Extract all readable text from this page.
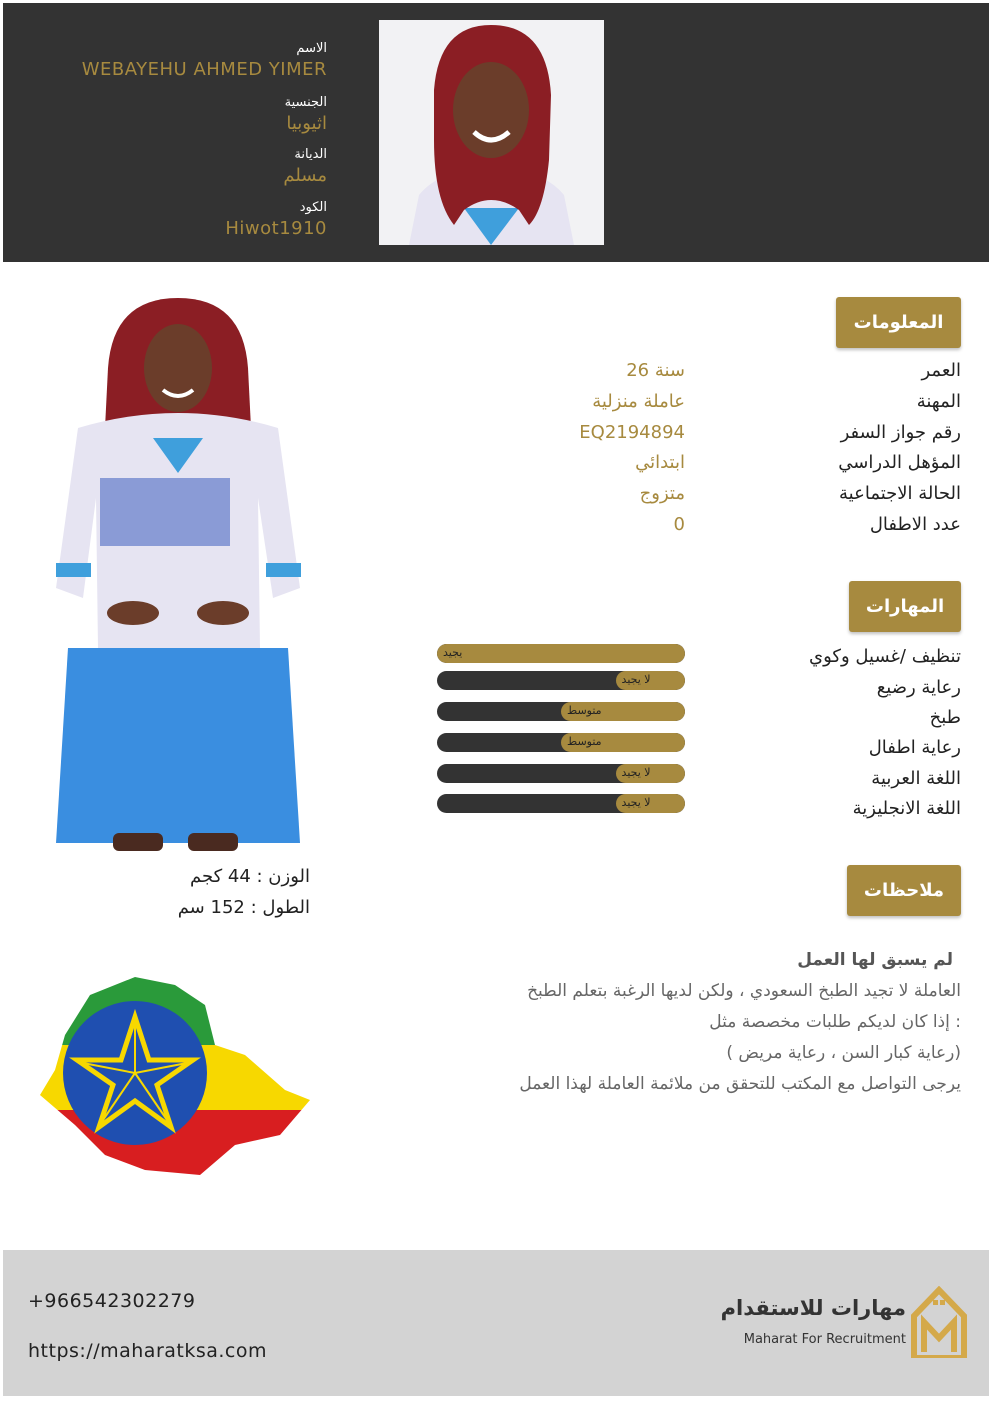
الاسم
WEBAYEHU AHMED YIMER
الجنسية
اثيوبيا
الديانة
مسلم
الكود
Hiwot1910
الوزن : 44 كجم
الطول : 152 سم
المعلومات
العمر
26 سنة
المهنة
عاملة منزلية
رقم جواز السفر
EQ2194894
المؤهل الدراسي
ابتدائي
الحالة الاجتماعية
متزوج
عدد الاطفال
0
المهارات
تنظيف /غسيل وكوي
يجيد
رعاية رضيع
لا يجيد
طبخ
متوسط
رعاية اطفال
متوسط
اللغة العربية
لا يجيد
اللغة الانجليزية
لا يجيد
ملاحظات
لم يسبق لها العمل
العاملة لا تجيد الطبخ السعودي ، ولكن لديها الرغبة بتعلم الطبخ
إذا كان لديكم طلبات مخصصة مثل :
( رعاية كبار السن ، رعاية مريض)
يرجى التواصل مع المكتب للتحقق من ملائمة العاملة لهذا العمل
+966542302279
https://maharatksa.com
مهارات للاستقدام
Maharat For Recruitment
